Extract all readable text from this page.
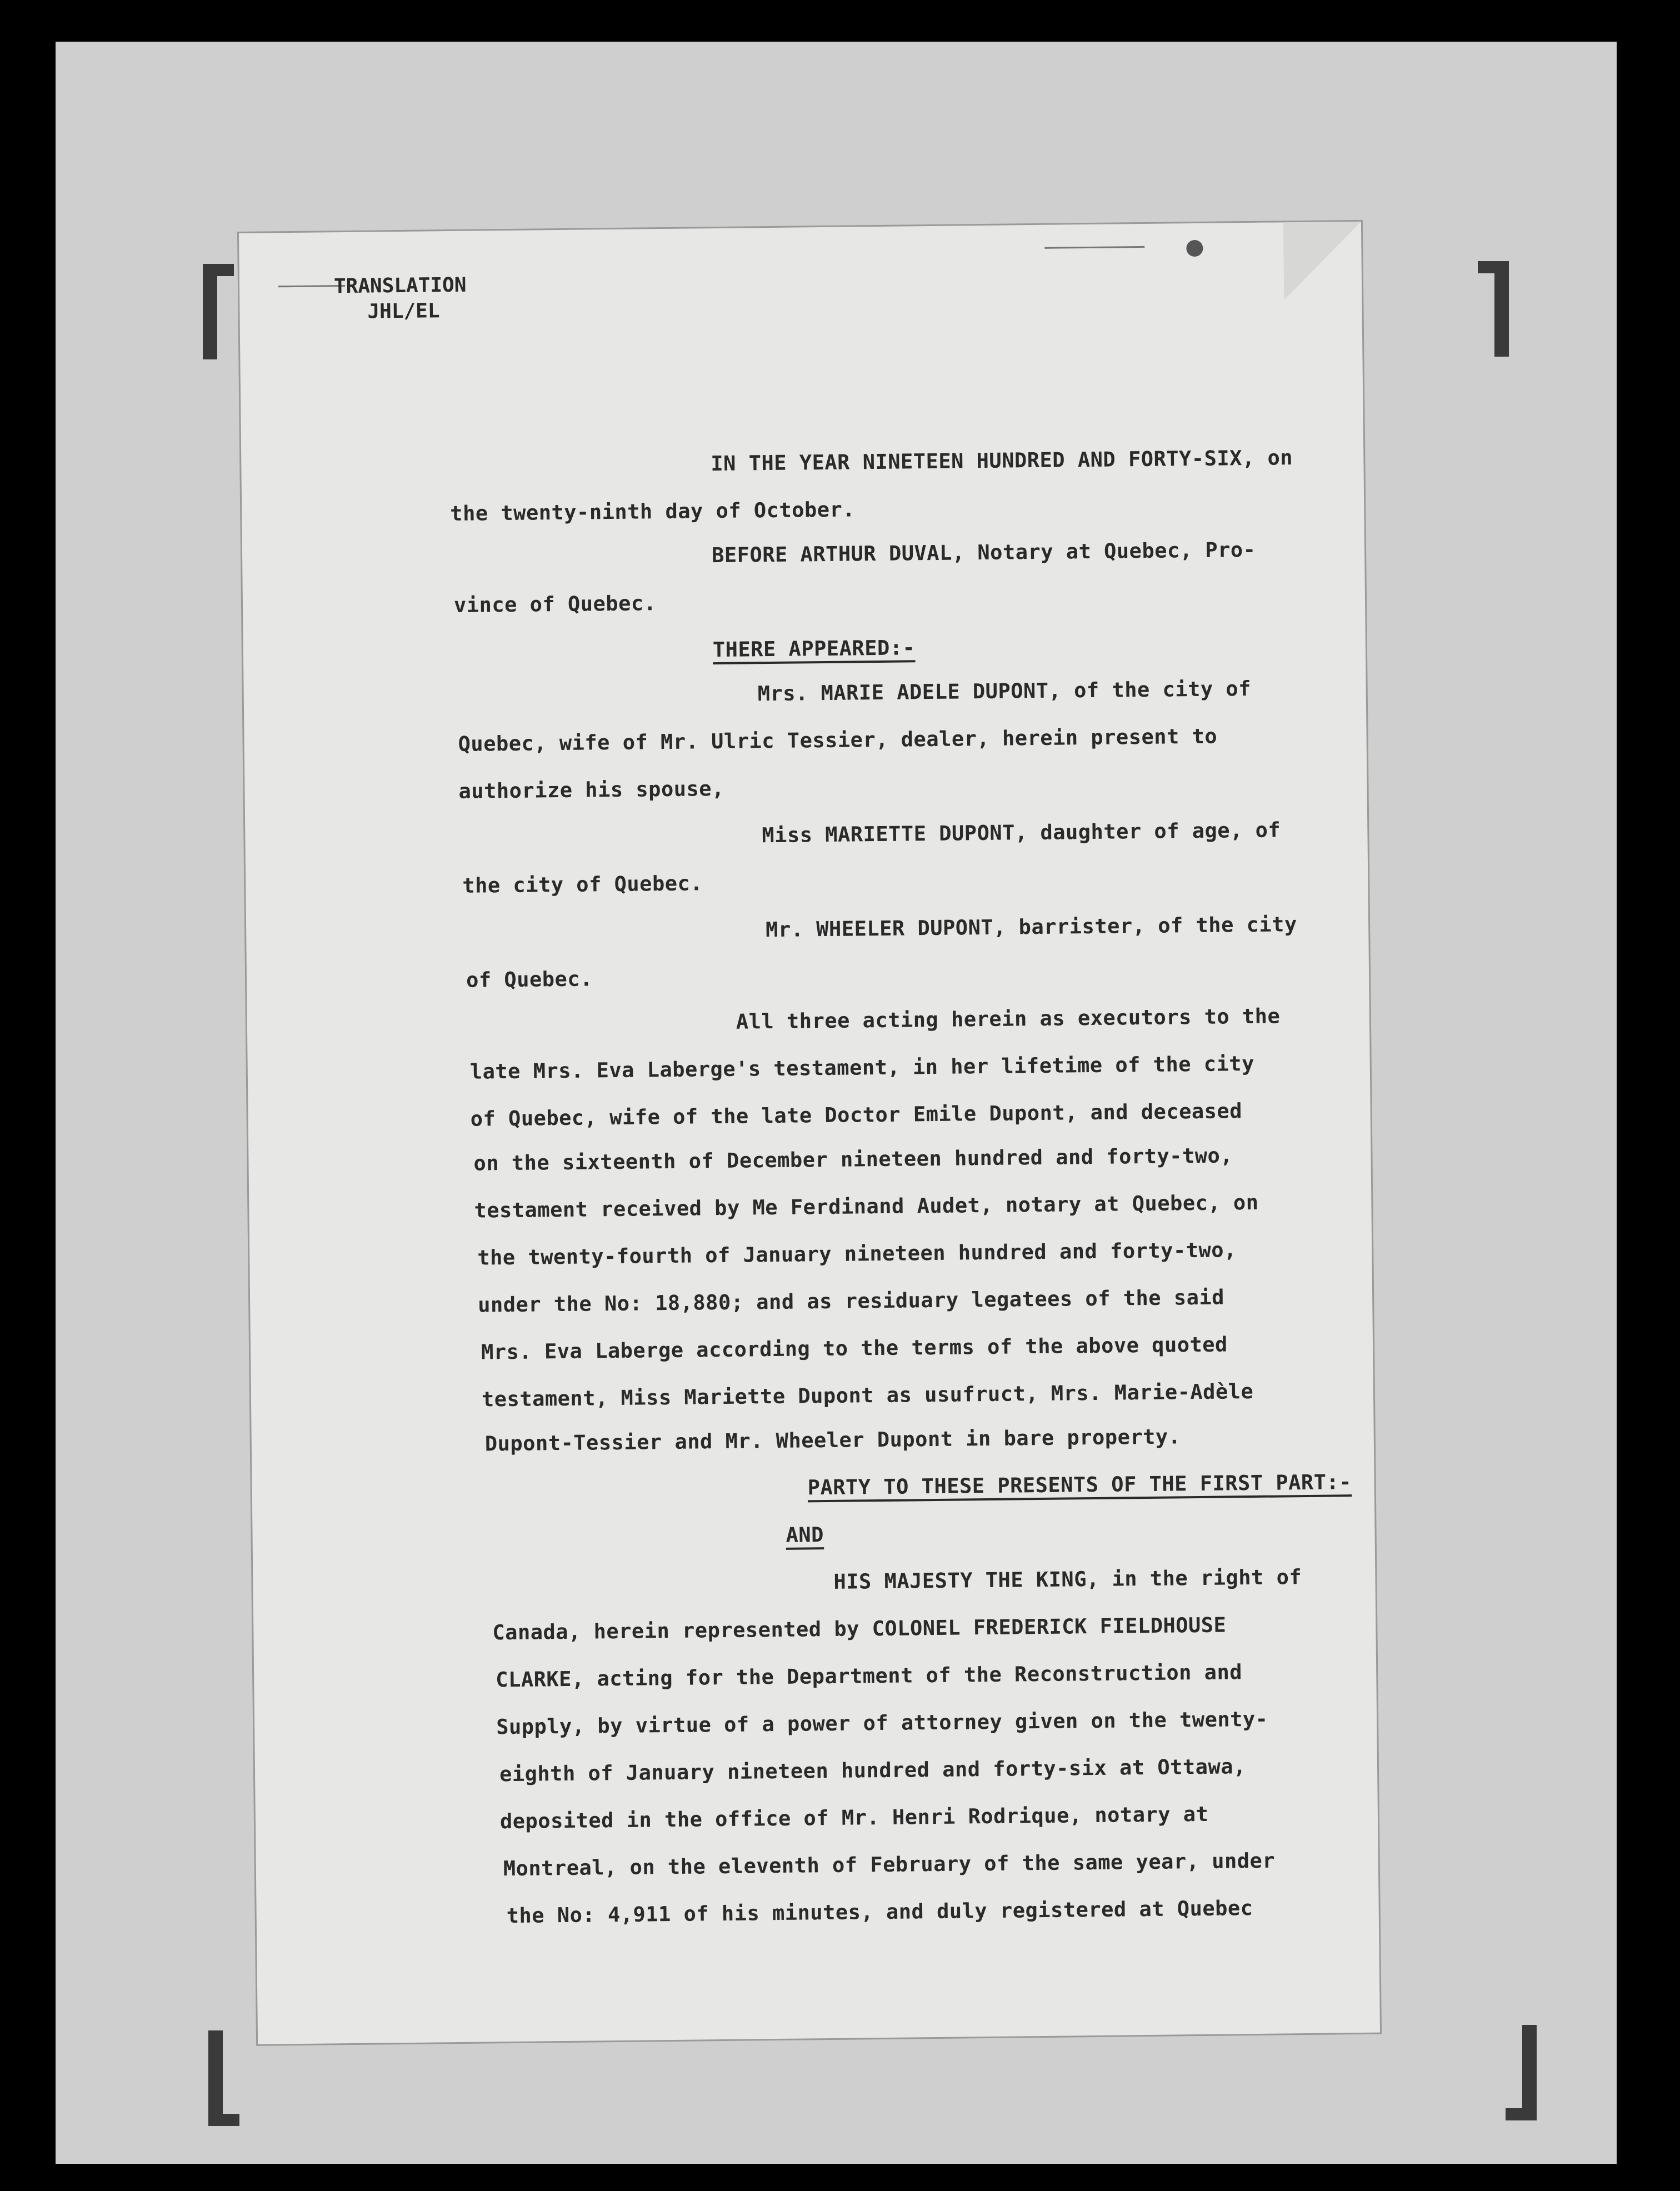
TRANSLATION
JHL/EL
IN THE YEAR NINETEEN HUNDRED AND FORTY-SIX, on
the twenty-ninth day of October.
BEFORE ARTHUR DUVAL, Notary at Quebec, Pro-
vince of Quebec.
THERE APPEARED:-
Mrs. MARIE ADELE DUPONT, of the city of
Quebec, wife of Mr. Ulric Tessier, dealer, herein present to
authorize his spouse,
Miss MARIETTE DUPONT, daughter of age, of
the city of Quebec.
Mr. WHEELER DUPONT, barrister, of the city
of Quebec.
All three acting herein as executors to the
late Mrs. Eva Laberge's testament, in her lifetime of the city
of Quebec, wife of the late Doctor Emile Dupont, and deceased
on the sixteenth of December nineteen hundred and forty-two,
testament received by Me Ferdinand Audet, notary at Quebec, on
the twenty-fourth of January nineteen hundred and forty-two,
under the No: 18,880; and as residuary legatees of the said
Mrs. Eva Laberge according to the terms of the above quoted
testament, Miss Mariette Dupont as usufruct, Mrs. Marie-Adèle
Dupont-Tessier and Mr. Wheeler Dupont in bare property.
PARTY TO THESE PRESENTS OF THE FIRST PART:-
AND
HIS MAJESTY THE KING, in the right of
Canada, herein represented by COLONEL FREDERICK FIELDHOUSE
CLARKE, acting for the Department of the Reconstruction and
Supply, by virtue of a power of attorney given on the twenty-
eighth of January nineteen hundred and forty-six at Ottawa,
deposited in the office of Mr. Henri Rodrique, notary at
Montreal, on the eleventh of February of the same year, under
the No: 4,911 of his minutes, and duly registered at Quebec
